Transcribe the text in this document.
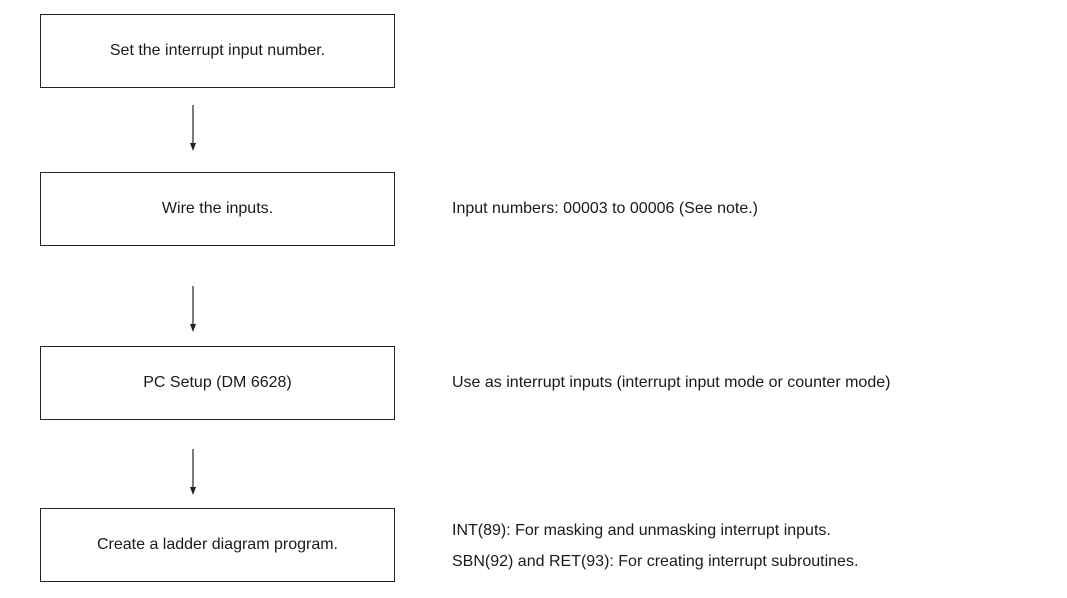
Set the interrupt input number.
Wire the inputs.	Input numbers: 00003 to 00006 (See note.)
PC Setup (DM 6628)	Use as interrupt inputs (interrupt input mode or counter mode)
Create a ladder diagram program.
INT(89): For masking and unmasking interrupt inputs.
SBN(92) and RET(93): For creating interrupt subroutines.
